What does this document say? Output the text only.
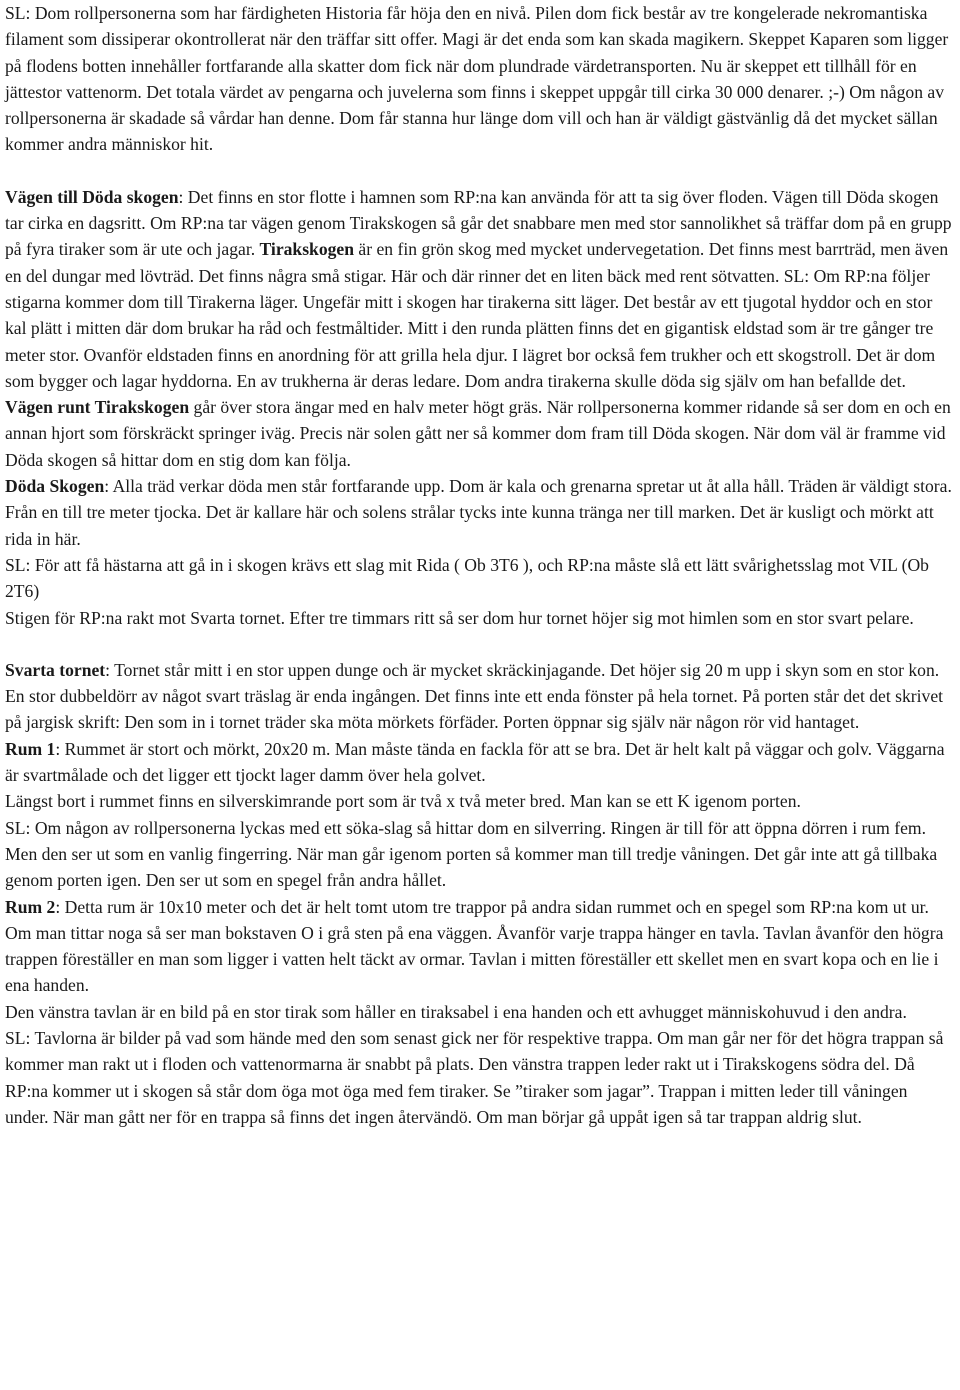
SL: Dom rollpersonerna som har färdigheten Historia får höja den en nivå. Pilen dom fick består av tre kongelerade nekromantiska filament som dissiperar okontrollerat när den träffar sitt offer. Magi är det enda som kan skada magikern. Skeppet Kaparen som ligger på flodens botten innehåller fortfarande alla skatter dom fick när dom plundrade värdetransporten. Nu är skeppet ett tillhåll för en jättestor vattenorm. Det totala värdet av pengarna och juvelerna som finns i skeppet uppgår till cirka 30 000 denarer. ;-) Om någon av rollpersonerna är skadade så vårdar han denne. Dom får stanna hur länge dom vill och han är väldigt gästvänlig då det mycket sällan kommer andra människor hit.

Vägen till Döda skogen: Det finns en stor flotte i hamnen som RP:na kan använda för att ta sig över floden. Vägen till Döda skogen tar cirka en dagsritt. Om RP:na tar vägen genom Tirakskogen så går det snabbare men med stor sannolikhet så träffar dom på en grupp på fyra tiraker som är ute och jagar. Tirakskogen är en fin grön skog med mycket undervegetation. Det finns mest barrträd, men även en del dungar med lövträd. Det finns några små stigar. Här och där rinner det en liten bäck med rent sötvatten. SL: Om RP:na följer stigarna kommer dom till Tirakerna läger. Ungefär mitt i skogen har tirakerna sitt läger. Det består av ett tjugotal hyddor och en stor kal plätt i mitten där dom brukar ha råd och festmåltider. Mitt i den runda plätten finns det en gigantisk eldstad som är tre gånger tre meter stor. Ovanför eldstaden finns en anordning för att grilla hela djur. I lägret bor också fem trukher och ett skogstroll. Det är dom som bygger och lagar hyddorna. En av trukherna är deras ledare. Dom andra tirakerna skulle döda sig själv om han befallde det.

Vägen runt Tirakskogen går över stora ängar med en halv meter högt gräs. När rollpersonerna kommer ridande så ser dom en och en annan hjort som förskräckt springer iväg. Precis när solen gått ner så kommer dom fram till Döda skogen. När dom väl är framme vid Döda skogen så hittar dom en stig dom kan följa.

Döda Skogen: Alla träd verkar döda men står fortfarande upp. Dom är kala och grenarna spretar ut åt alla håll. Träden är väldigt stora. Från en till tre meter tjocka. Det är kallare här och solens strålar tycks inte kunna tränga ner till marken. Det är kusligt och mörkt att rida in här.

SL: För att få hästarna att gå in i skogen krävs ett slag mit Rida ( Ob 3T6 ), och RP:na måste slå ett lätt svårighetsslag mot VIL (Ob 2T6)

Stigen för RP:na rakt mot Svarta tornet. Efter tre timmars ritt så ser dom hur tornet höjer sig mot himlen som en stor svart pelare.

Svarta tornet: Tornet står mitt i en stor uppen dunge och är mycket skräckinjagande. Det höjer sig 20 m upp i skyn som en stor kon. En stor dubbeldörr av något svart träslag är enda ingången. Det finns inte ett enda fönster på hela tornet. På porten står det det skrivet på jargisk skrift: Den som in i tornet träder ska möta mörkets förfäder. Porten öppnar sig själv när någon rör vid hantaget.

Rum 1: Rummet är stort och mörkt, 20x20 m. Man måste tända en fackla för att se bra. Det är helt kalt på väggar och golv. Väggarna är svartmålade och det ligger ett tjockt lager damm över hela golvet.

Längst bort i rummet finns en silverskimrande port som är två x två meter bred. Man kan se ett K igenom porten.

SL: Om någon av rollpersonerna lyckas med ett söka-slag så hittar dom en silverring. Ringen är till för att öppna dörren i rum fem. Men den ser ut som en vanlig fingerring. När man går igenom porten så kommer man till tredje våningen. Det går inte att gå tillbaka genom porten igen. Den ser ut som en spegel från andra hållet.

Rum 2: Detta rum är 10x10 meter och det är helt tomt utom tre trappor på andra sidan rummet och en spegel som RP:na kom ut ur. Om man tittar noga så ser man bokstaven O i grå sten på ena väggen. Åvanför varje trappa hänger en tavla. Tavlan åvanför den högra trappen föreställer en man som ligger i vatten helt täckt av ormar. Tavlan i mitten föreställer ett skellet men en svart kopa och en lie i ena handen.

Den vänstra tavlan är en bild på en stor tirak som håller en tiraksabel i ena handen och ett avhugget människohuvud i den andra.

SL: Tavlorna är bilder på vad som hände med den som senast gick ner för respektive trappa. Om man går ner för det högra trappan så kommer man rakt ut i floden och vattenormarna är snabbt på plats. Den vänstra trappen leder rakt ut i Tirakskogens södra del. Då RP:na kommer ut i skogen så står dom öga mot öga med fem tiraker. Se ”tiraker som jagar”. Trappan i mitten leder till våningen under. När man gått ner för en trappa så finns det ingen återvändö. Om man börjar gå uppåt igen så tar trappan aldrig slut.
